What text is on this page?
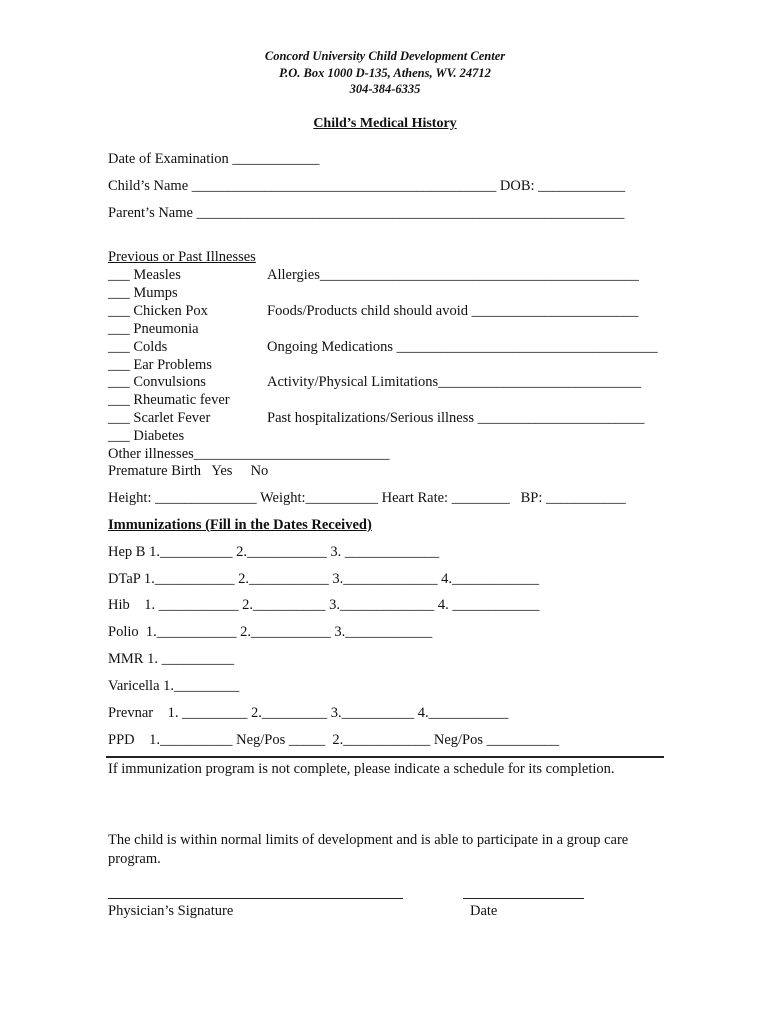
Concord University Child Development Center
P.O. Box 1000 D-135, Athens, WV. 24712
304-384-6335
Child’s Medical History
Date of Examination ____________
Child’s Name __________________________________________ DOB: ____________
Parent’s Name ___________________________________________________________
Previous or Past Illnesses
___ Measles
___ Mumps
___ Chicken Pox
___ Pneumonia
___ Colds
___ Ear Problems
___ Convulsions
___ Rheumatic fever
___ Scarlet Fever
___ Diabetes
Other illnesses___________________________
Premature Birth   Yes     No
Allergies____________________________________________
Foods/Products child should avoid _______________________
Ongoing Medications ____________________________________
Activity/Physical Limitations____________________________
Past hospitalizations/Serious illness _______________________
Height: ______________ Weight:__________ Heart Rate: ________   BP: ___________
Immunizations (Fill in the Dates Received)
Hep B 1.__________ 2.___________ 3. _____________
DTaP 1.___________ 2.___________ 3._____________ 4.____________
Hib    1. ___________ 2.__________ 3._____________ 4. ____________
Polio  1.___________ 2.___________ 3.____________
MMR 1. __________
Varicella 1._________
Prevnar    1. _________ 2._________ 3.__________ 4.___________
PPD    1.__________ Neg/Pos _____  2.____________ Neg/Pos __________
If immunization program is not complete, please indicate a schedule for its completion.
The child is within normal limits of development and is able to participate in a group care
program.
Physician’s Signature	Date
